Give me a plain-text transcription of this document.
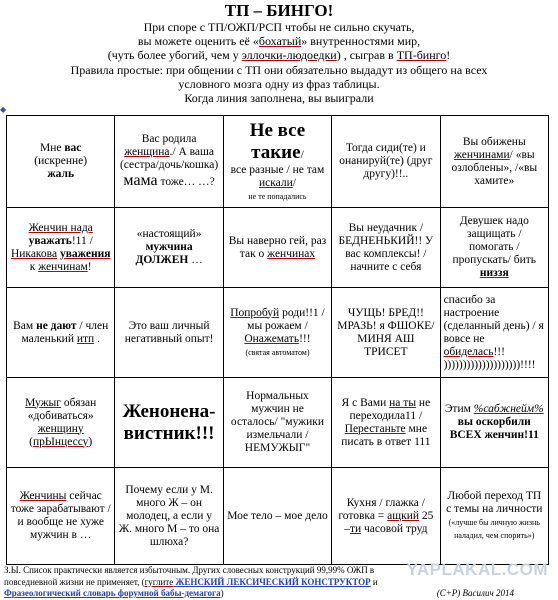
ТП – БИНГО!
При споре с ТП/ОЖП/РСП чтобы не сильно скучать,
вы можете оценить её «бохатый» внутренностями мир,
(чуть более убогий, чем у эллочки-людоедки) , сыграв в ТП-бинго!
Правила простые: при общении с ТП они обязательно выдадут из общего на всех
условного мозга одну из фраз таблицы.
Когда линия заполнена, вы выиграли
◆
Мне вас
(искренне)
жаль	Вас родила женщина./ А ваша (сестра/дочь/кошка) мама тоже… …?	Не все
такие/
все разные / не там искали/
не те попадались	Тогда сиди(те) и онанируй(те) (друг другу)!!..	Вы обижены женчинами/ «вы озлоблены», /«вы хамите»
Женчин нада уважать!11 /Никакова уважения к женчинам!	«настоящий» мужчина ДОЛЖЕН …	Вы наверно гей, раз так о женчинах	Вы неудачник / БЕДНЕНЬКИЙ!! У вас комплексы! / начните с себя	Девушек надо защищать / помогать / пропускать/ бить низзя
Вам не дают / член маленький итп .	Это ваш личный негативный опыт!	Попробуй роди!!1 / мы рожаем / Онажемать!!!
(святая автоматом)	ЧУЩЬ! БРЕД!! МРАЗЬ! я ФШОКЕ/ МИНЯ АШ ТРИСЕТ	спасибо за настроение (сделанный день) / я вовсе не обиделась!!! ))))))))))))))))))))!!!!
Мужыг обязан «добиваться» женщину (прЫнцессу)	Женонена-вистник!!!	Нормальных мужчин не осталось/ "мужики измельчали / НЕМУЖЫГ"	Я с Вами на ты не переходила11 / Перестаньте мне писать в ответ 111	Этим %сабжнейм%
вы оскорбили ВСЕХ женчин!11
Женчины сейчас тоже зарабатывают / и вообще не хуже мужчин в …	Почему если у М. много Ж – он молодец, а если у Ж. много М – то она шлюха?	Мое тело – мое дело	Кухня / глажка / готовка = ащкий 25 –ти часовой труд	Любой переход ТП с темы на личности
(«лучше бы личную жизнь наладил, чем спорить»)
YAPLAKAL.COM
З.Ы. Список практически является избыточным. Других словесных конструкций 99,99% ОЖП в
повседневной жизни не применяет, (гуглите ЖЕНСКИЙ ЛЕКСИЧЕСКИЙ КОНСТРУКТОР и
Фразеологический словарь форумной бабы-демагога)	(С+Р) Василич 2014
